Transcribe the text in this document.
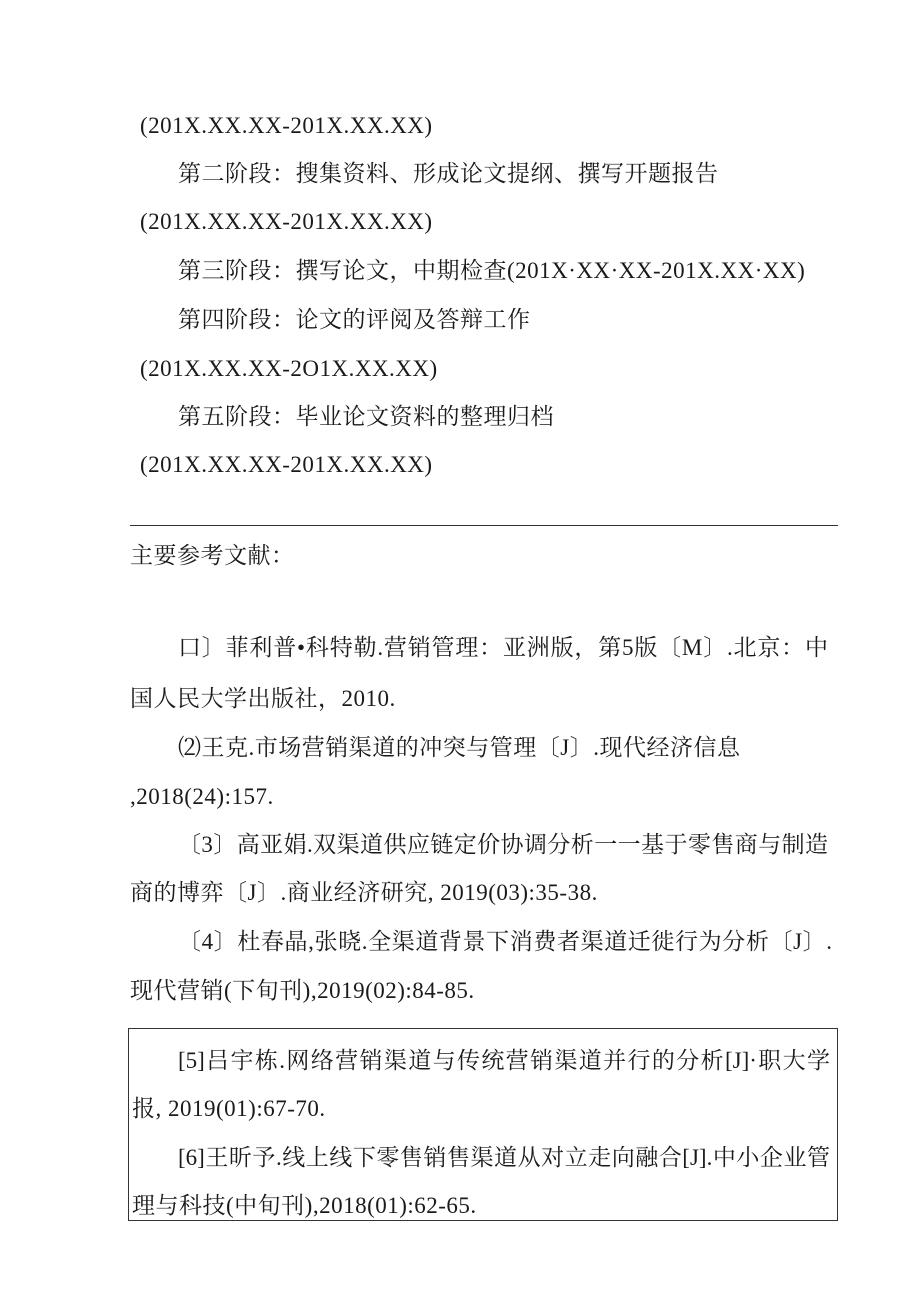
(201X.XX.XX-201X.XX.XX)
第二阶段：搜集资料、形成论文提纲、撰写开题报告
(201X.XX.XX-201X.XX.XX)
第三阶段：撰写论文，中期检查(201X·XX·XX-201X.XX·XX)
第四阶段：论文的评阅及答辩工作
(201X.XX.XX-2O1X.XX.XX)
第五阶段：毕业论文资料的整理归档
(201X.XX.XX-201X.XX.XX)
主要参考文献：
口〕菲利普•科特勒.营销管理：亚洲版，第5版〔M〕.北京：中
国人民大学出版社，2010.
⑵王克.市场营销渠道的冲突与管理〔J〕.现代经济信息
,2018(24):157.
〔3〕高亚娟.双渠道供应链定价协调分析一一基于零售商与制造
商的博弈〔J〕.商业经济研究, 2019(03):35-38.
〔4〕杜春晶,张晓.全渠道背景下消费者渠道迁徙行为分析〔J〕.
现代营销(下旬刊),2019(02):84-85.
[5]吕宇栋.网络营销渠道与传统营销渠道并行的分析[J]·职大学
报, 2019(01):67-70.
[6]王昕予.线上线下零售销售渠道从对立走向融合[J].中小企业管
理与科技(中旬刊),2018(01):62-65.
